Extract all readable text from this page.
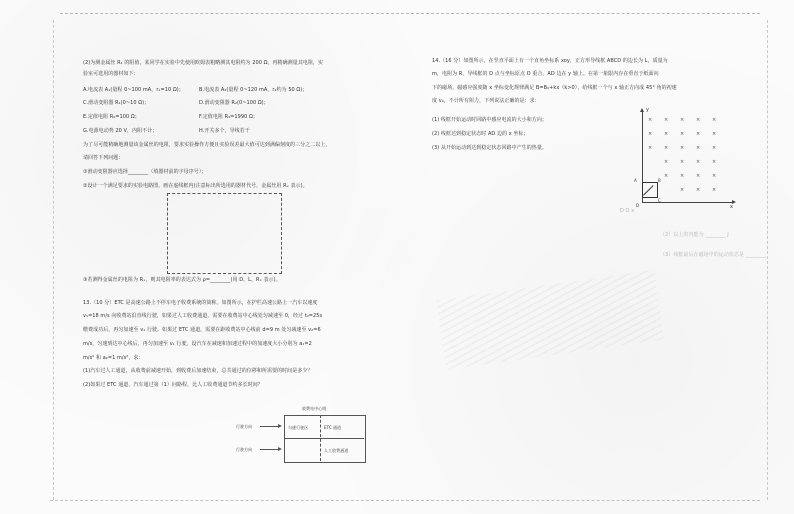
(2)为测金属丝 R₁ 的阻值，某同学在实验中先使用欧姆表粗略测其电阻约为 200 Ω，再精确测量其电阻，实
验室可选用的器材如下：
A.电流表 A₁(量程 0~100 mA，r₁=10 Ω)；	B.电流表 A₂(量程 0~120 mA，r₂约为 50 Ω)；
C.滑动变阻器 R₁(0~10 Ω)；	D.滑动变阻器 R₂(0~100 Ω)；
E.定值电阻 R₀=100 Ω；	F.定值电阻 R₄=1990 Ω；
G.电源电动势 20 V，内阻不计；	H.开关多个，导线若干
为了尽可能精确地测量该金属丝的电阻，要求实验操作方便且实验误差最大值可达到满偏刻度的三分之二以上，
请回答下列问题：
①滑动变阻器应选择________（填器材前的字母序号）；
②设计一个满足要求的实验电路图，画在虚线框内(注意标出所选用的器材代号，金属丝用 Rₓ 表示)。
③若测得金属丝的电阻为 Rₓ，则其电阻率的表达式为 ρ=________(用 D、L、Rₓ 表示)。
13.（10 分）ETC 是高速公路上不停车电子收费系统的简称。如图所示，在护栏高速公路上一汽车以速度
v₁=18 m/s 向收费站沿直线行驶，如果过人工收费通道，需要在收费站中心线处匀减速至 0，经过 t₀=25s
缴费成功后，再匀加速至 v₁ 行驶。如果过 ETC 通道，需要在距收费站中心线前 d=9 m 处匀减速至 v₂=6
m/s，匀速到达中心线后，再匀加速至 v₁ 行驶。设汽车在减速和加速过程中的加速度大小分别为 a₁=2
m/s² 和 a₂=1 m/s²，求：
(1)汽车过人工通道，从收费前减速开始，到收费后加速结束，总共通过的位移和所需要的时间是多少？
(2)如果过 ETC 通道，汽车通过第（1）问路程，比人工收费通道节约多长时间？
收费站中心线
行驶方向	匀速行驶区	ETC 通道
行驶方向	人工收费通道
14.（16 分）如图所示，在竖直平面上有一个直角坐标系 xoy，正方形导线框 ABCD 的边长为 L，质量为
m，电阻为 R，导线框的 D 点与坐标原点 O 重合，AD 边在 y 轴上。在第一象限内存在垂直于纸面向
下的磁场，磁感应强度随 x 坐标变化规律满足 B=B₀+kx（k>0），给线框一个与 x 轴正方向成 45° 角的初速
度 v₀，不计所有阻力，下列说法正确的是：求：
(1) 线框开始运动时回路中感应电流的大小和方向；
(2) 线框达到稳定状态时 AD 边的 x 坐标；
(3) 从开始运动到达到稳定状态回路中产生的热量。
y
x
A	B
C
D
× × × × ×
× × × × ×
× × × × ×
× × × ×
× × × ×
× × ×
D O x
（2）以上的内能为 ________ J
（3）线框最后在磁场中的运动状态是 ________
